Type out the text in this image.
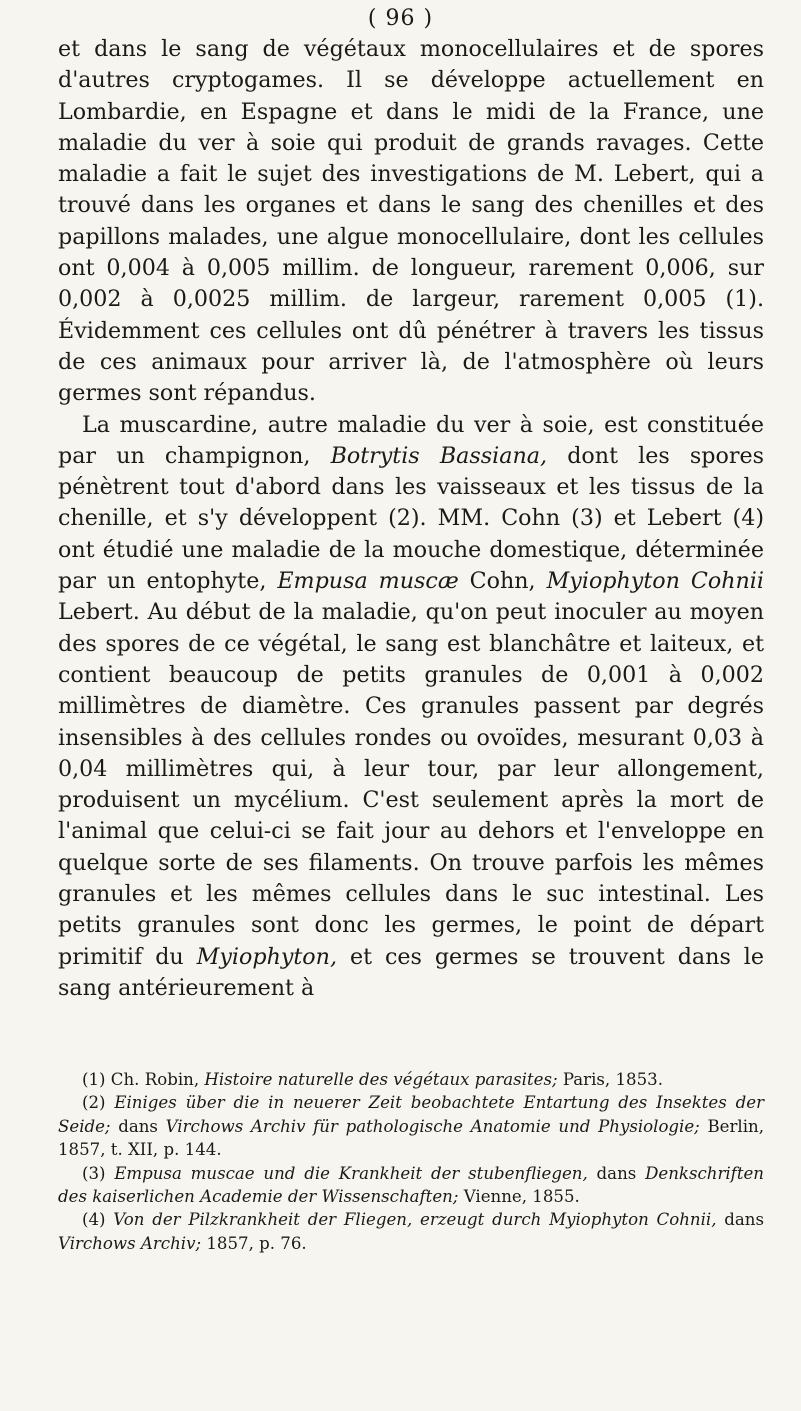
( 96 )

et dans le sang de végétaux monocellulaires et de spores d'autres cryptogames. Il se développe actuellement en Lombardie, en Espagne et dans le midi de la France, une maladie du ver à soie qui produit de grands ravages. Cette maladie a fait le sujet des investigations de M. Lebert, qui a trouvé dans les organes et dans le sang des chenilles et des papillons malades, une algue monocellulaire, dont les cellules ont 0,004 à 0,005 millim. de longueur, rarement 0,006, sur 0,002 à 0,0025 millim. de largeur, rarement 0,005 (1). Évidemment ces cellules ont dû pénétrer à travers les tissus de ces animaux pour arriver là, de l'atmosphère où leurs germes sont répandus.

La muscardine, autre maladie du ver à soie, est constituée par un champignon, Botrytis Bassiana, dont les spores pénètrent tout d'abord dans les vaisseaux et les tissus de la chenille, et s'y développent (2). MM. Cohn (3) et Lebert (4) ont étudié une maladie de la mouche domestique, déterminée par un entophyte, Empusa muscæ Cohn, Myiophyton Cohnii Lebert. Au début de la maladie, qu'on peut inoculer au moyen des spores de ce végétal, le sang est blanchâtre et laiteux, et contient beaucoup de petits granules de 0,001 à 0,002 millimètres de diamètre. Ces granules passent par degrés insensibles à des cellules rondes ou ovoïdes, mesurant 0,03 à 0,04 millimètres qui, à leur tour, par leur allongement, produisent un mycélium. C'est seulement après la mort de l'animal que celui-ci se fait jour au dehors et l'enveloppe en quelque sorte de ses filaments. On trouve parfois les mêmes granules et les mêmes cellules dans le suc intestinal. Les petits granules sont donc les germes, le point de départ primitif du Myiophyton, et ces germes se trouvent dans le sang antérieurement à

(1) Ch. Robin, Histoire naturelle des végétaux parasites; Paris, 1853.

(2) Einiges über die in neuerer Zeit beobachtete Entartung des Insektes der Seide; dans Virchows Archiv für pathologische Anatomie und Physiologie; Berlin, 1857, t. XII, p. 144.

(3) Empusa muscae und die Krankheit der stubenfliegen, dans Denkschriften des kaiserlichen Academie der Wissenschaften; Vienne, 1855.

(4) Von der Pilzkrankheit der Fliegen, erzeugt durch Myiophyton Cohnii, dans Virchows Archiv; 1857, p. 76.
